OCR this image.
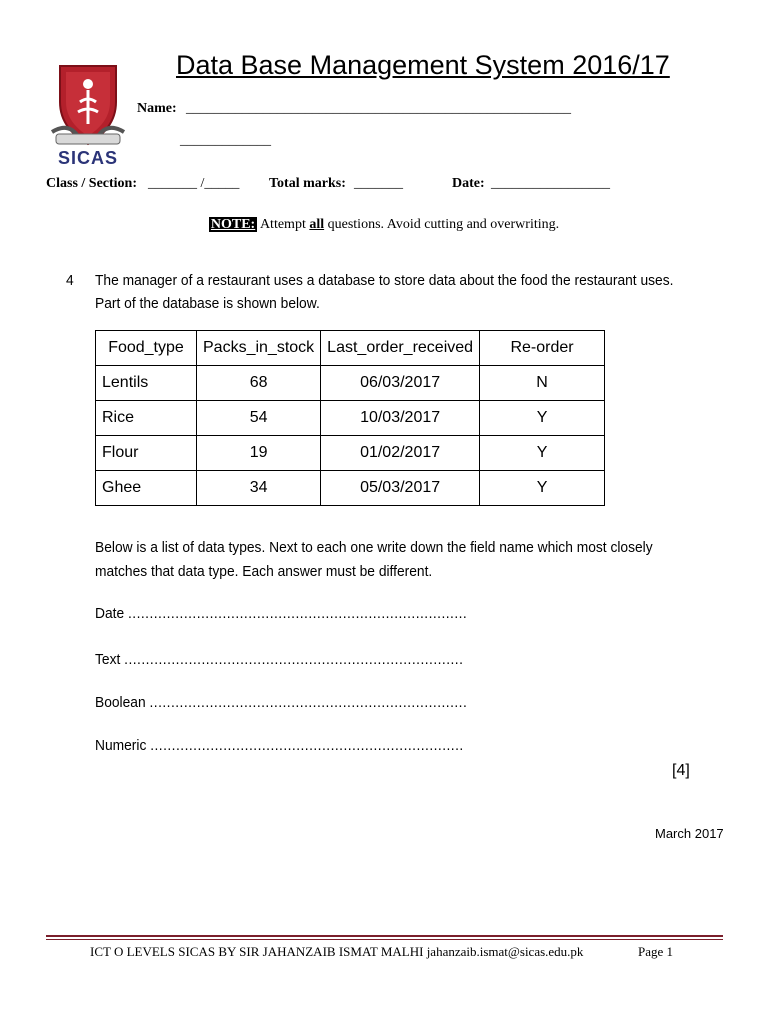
SICAS
Data Base Management System 2016/17
Name: _______________________________________________________
_____________
Class / Section: _______ /_____ Total marks: _______	Date: _________________
NOTE: Attempt all questions. Avoid cutting and overwriting.
4 The manager of a restaurant uses a database to store data about the food the restaurant uses.
Part of the database is shown below.
Food_type	Packs_in_stock	Last_order_received	Re-order
Lentils	68	06/03/2017	N
Rice	54	10/03/2017	Y
Flour	19	01/02/2017	Y
Ghee	34	05/03/2017	Y
Below is a list of data types. Next to each one write down the field name which most closely
matches that data type. Each answer must be different.
Date ...............................................................................
Text ...............................................................................
Boolean ..........................................................................
Numeric .........................................................................
[4]
March 2017
ICT O LEVELS SICAS BY SIR JAHANZAIB ISMAT MALHI jahanzaib.ismat@sicas.edu.pk	Page 1
